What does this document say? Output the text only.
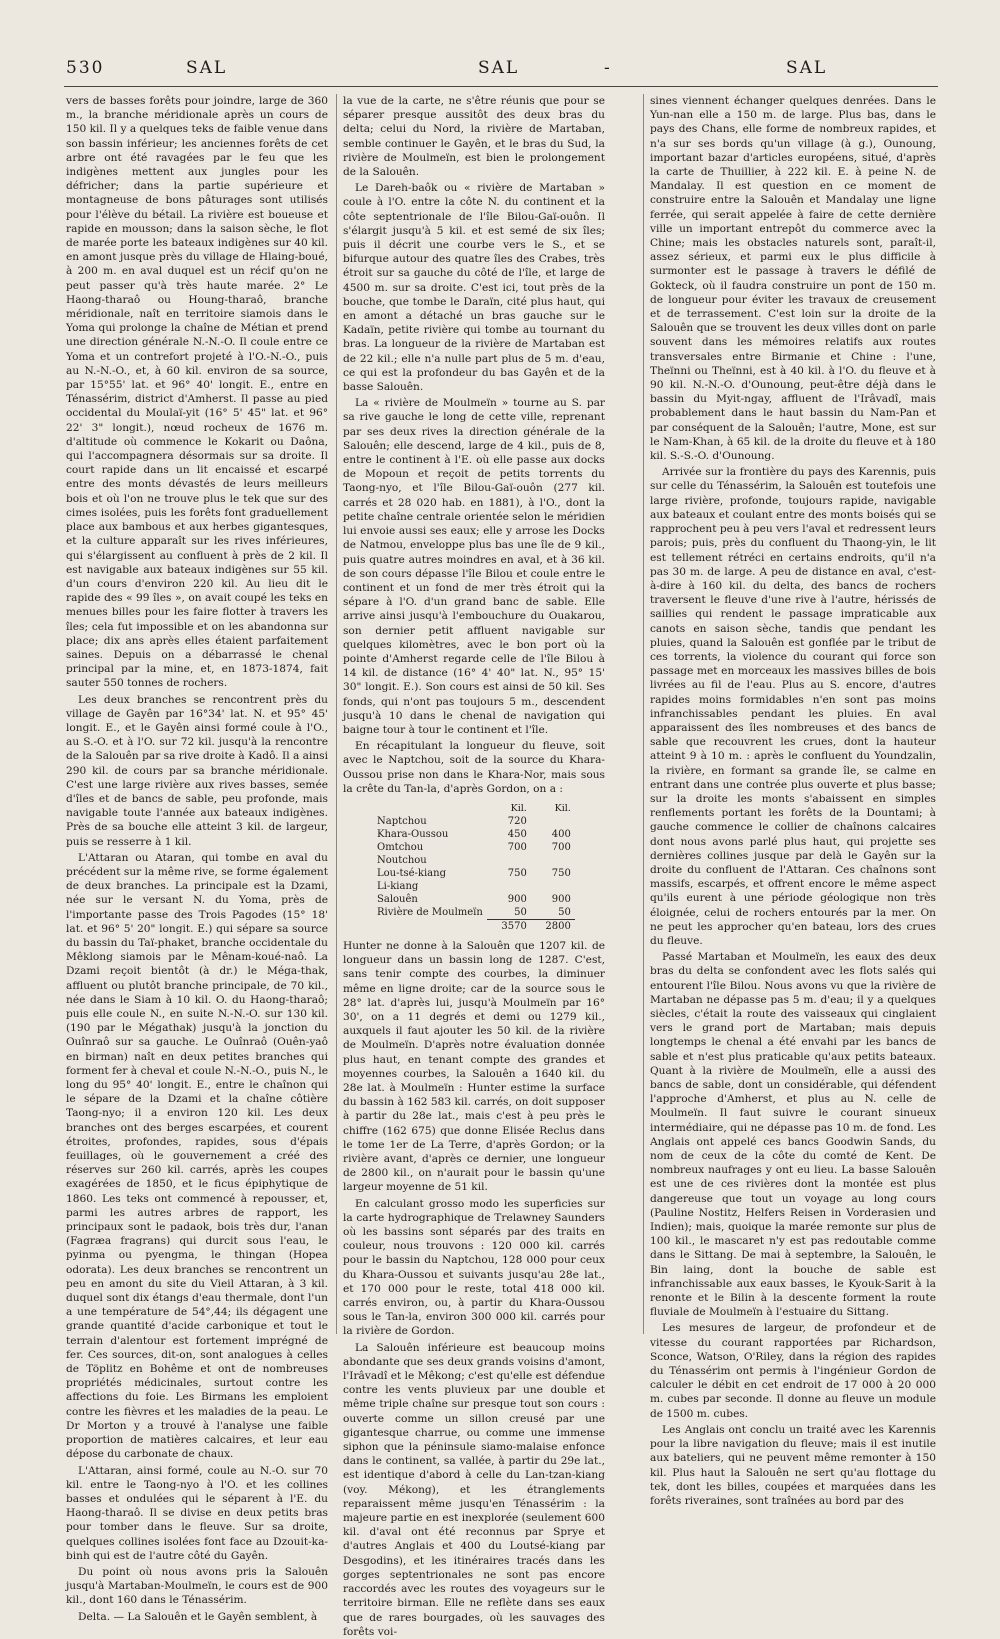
530	SAL	SAL	-	SAL

vers de basses forêts pour joindre, large de 360 m., la branche méridionale après un cours de 150 kil. Il y a quelques teks de faible venue dans son bassin inférieur; les anciennes forêts de cet arbre ont été ravagées par le feu que les indigènes mettent aux jungles pour les défricher; dans la partie supérieure et montagneuse de bons pâturages sont utilisés pour l'élève du bétail. La rivière est boueuse et rapide en mousson; dans la saison sèche, le flot de marée porte les bateaux indigènes sur 40 kil. en amont jusque près du village de Hlaing-boué, à 200 m. en aval duquel est un récif qu'on ne peut passer qu'à très haute marée. 2° Le Haong-tharaô ou Houng-tharaô, branche méridionale, naît en territoire siamois dans le Yoma qui prolonge la chaîne de Métian et prend une direction générale N.-N.-O. Il coule entre ce Yoma et un contrefort projeté à l'O.-N.-O., puis au N.-N.-O., et, à 60 kil. environ de sa source, par 15°55' lat. et 96° 40' longit. E., entre en Ténassérim, district d'Amherst. Il passe au pied occidental du Moulaï-yit (16° 5' 45" lat. et 96° 22' 3" longit.), nœud rocheux de 1676 m. d'altitude où commence le Kokarit ou Daôna, qui l'accompagnera désormais sur sa droite. Il court rapide dans un lit encaissé et escarpé entre des monts dévastés de leurs meilleurs bois et où l'on ne trouve plus le tek que sur des cimes isolées, puis les forêts font graduellement place aux bambous et aux herbes gigantesques, et la culture apparaît sur les rives inférieures, qui s'élargissent au confluent à près de 2 kil. Il est navigable aux bateaux indigènes sur 55 kil. d'un cours d'environ 220 kil. Au lieu dit le rapide des « 99 îles », on avait coupé les teks en menues billes pour les faire flotter à travers les îles; cela fut impossible et on les abandonna sur place; dix ans après elles étaient parfaitement saines. Depuis on a débarrassé le chenal principal par la mine, et, en 1873-1874, fait sauter 550 tonnes de rochers.

Les deux branches se rencontrent près du village de Gayên par 16°34' lat. N. et 95° 45' longit. E., et le Gayên ainsi formé coule à l'O., au S.-O. et à l'O. sur 72 kil. jusqu'à la rencontre de la Salouên par sa rive droite à Kadô. Il a ainsi 290 kil. de cours par sa branche méridionale. C'est une large rivière aux rives basses, semée d'îles et de bancs de sable, peu profonde, mais navigable toute l'année aux bateaux indigènes. Près de sa bouche elle atteint 3 kil. de largeur, puis se resserre à 1 kil.

L'Attaran ou Ataran, qui tombe en aval du précédent sur la même rive, se forme également de deux branches. La principale est la Dzami, née sur le versant N. du Yoma, près de l'importante passe des Trois Pagodes (15° 18' lat. et 96° 5' 20" longit. E.) qui sépare sa source du bassin du Taï-phaket, branche occidentale du Mêklong siamois par le Mênam-koué-naô. La Dzami reçoit bientôt (à dr.) le Méga-thak, affluent ou plutôt branche principale, de 70 kil., née dans le Siam à 10 kil. O. du Haong-tharaô; puis elle coule N., en suite N.-N.-O. sur 130 kil. (190 par le Mégathak) jusqu'à la jonction du Ouînraô sur sa gauche. Le Ouînraô (Ouên-yaô en birman) naît en deux petites branches qui forment fer à cheval et coule N.-N.-O., puis N., le long du 95° 40' longit. E., entre le chaînon qui le sépare de la Dzami et la chaîne côtière Taong-nyo; il a environ 120 kil. Les deux branches ont des berges escarpées, et courent étroites, profondes, rapides, sous d'épais feuillages, où le gouvernement a créé des réserves sur 260 kil. carrés, après les coupes exagérées de 1850, et le ficus épiphytique de 1860. Les teks ont commencé à repousser, et, parmi les autres arbres de rapport, les principaux sont le padaok, bois très dur, l'anan (Fagræa fragrans) qui durcit sous l'eau, le pyinma ou pyengma, le thingan (Hopea odorata). Les deux branches se rencontrent un peu en amont du site du Vieil Attaran, à 3 kil. duquel sont dix étangs d'eau thermale, dont l'un a une température de 54°,44; ils dégagent une grande quantité d'acide carbonique et tout le terrain d'alentour est fortement imprégné de fer. Ces sources, dit-on, sont analogues à celles de Töplitz en Bohême et ont de nombreuses propriétés médicinales, surtout contre les affections du foie. Les Birmans les emploient contre les fièvres et les maladies de la peau. Le Dr Morton y a trouvé à l'analyse une faible proportion de matières calcaires, et leur eau dépose du carbonate de chaux.

L'Attaran, ainsi formé, coule au N.-O. sur 70 kil. entre le Taong-nyo à l'O. et les collines basses et ondulées qui le séparent à l'E. du Haong-tharaô. Il se divise en deux petits bras pour tomber dans le fleuve. Sur sa droite, quelques collines isolées font face au Dzouit-ka-binh qui est de l'autre côté du Gayên.

Du point où nous avons pris la Salouên jusqu'à Martaban-Moulmeïn, le cours est de 900 kil., dont 160 dans le Ténassérim.

Delta. — La Salouên et le Gayên semblent, à

la vue de la carte, ne s'être réunis que pour se séparer presque aussitôt des deux bras du delta; celui du Nord, la rivière de Martaban, semble continuer le Gayên, et le bras du Sud, la rivière de Moulmeïn, est bien le prolongement de la Salouên.

Le Dareh-baôk ou « rivière de Martaban » coule à l'O. entre la côte N. du continent et la côte septentrionale de l'île Bilou-Gaï-ouôn. Il s'élargit jusqu'à 5 kil. et est semé de six îles; puis il décrit une courbe vers le S., et se bifurque autour des quatre îles des Crabes, très étroit sur sa gauche du côté de l'île, et large de 4500 m. sur sa droite. C'est ici, tout près de la bouche, que tombe le Daraïn, cité plus haut, qui en amont a détaché un bras gauche sur le Kadaïn, petite rivière qui tombe au tournant du bras. La longueur de la rivière de Martaban est de 22 kil.; elle n'a nulle part plus de 5 m. d'eau, ce qui est la profondeur du bas Gayên et de la basse Salouên.

La « rivière de Moulmeïn » tourne au S. par sa rive gauche le long de cette ville, reprenant par ses deux rives la direction générale de la Salouên; elle descend, large de 4 kil., puis de 8, entre le continent à l'E. où elle passe aux docks de Mopoun et reçoit de petits torrents du Taong-nyo, et l'île Bilou-Gaï-ouôn (277 kil. carrés et 28 020 hab. en 1881), à l'O., dont la petite chaîne centrale orientée selon le méridien lui envoie aussi ses eaux; elle y arrose les Docks de Natmou, enveloppe plus bas une île de 9 kil., puis quatre autres moindres en aval, et à 36 kil. de son cours dépasse l'île Bilou et coule entre le continent et un fond de mer très étroit qui la sépare à l'O. d'un grand banc de sable. Elle arrive ainsi jusqu'à l'embouchure du Ouakarou, son dernier petit affluent navigable sur quelques kilomètres, avec le bon port où la pointe d'Amherst regarde celle de l'île Bilou à 14 kil. de distance (16° 4' 40" lat. N., 95° 15' 30" longit. E.). Son cours est ainsi de 50 kil. Ses fonds, qui n'ont pas toujours 5 m., descendent jusqu'à 10 dans le chenal de navigation qui baigne tour à tour le continent et l'île.

En récapitulant la longueur du fleuve, soit avec le Naptchou, soit de la source du Khara-Oussou prise non dans le Khara-Nor, mais sous la crête du Tan-la, d'après Gordon, on a :

	Kil.	Kil.
Naptchou	720	
Khara-Oussou	450	400
Omtchou	700	700
Noutchou		
Lou-tsé-kiang	750	750
Li-kiang		
Salouên	900	900
Rivière de Moulmeïn	50	50
	3570	2800

Hunter ne donne à la Salouên que 1207 kil. de longueur dans un bassin long de 1287. C'est, sans tenir compte des courbes, la diminuer même en ligne droite; car de la source sous le 28° lat. d'après lui, jusqu'à Moulmeïn par 16° 30', on a 11 degrés et demi ou 1279 kil., auxquels il faut ajouter les 50 kil. de la rivière de Moulmeïn. D'après notre évaluation donnée plus haut, en tenant compte des grandes et moyennes courbes, la Salouên a 1640 kil. du 28e lat. à Moulmeïn : Hunter estime la surface du bassin à 162 583 kil. carrés, on doit supposer à partir du 28e lat., mais c'est à peu près le chiffre (162 675) que donne Elisée Reclus dans le tome 1er de La Terre, d'après Gordon; or la rivière avant, d'après ce dernier, une longueur de 2800 kil., on n'aurait pour le bassin qu'une largeur moyenne de 51 kil.

En calculant grosso modo les superficies sur la carte hydrographique de Trelawney Saunders où les bassins sont séparés par des traits en couleur, nous trouvons : 120 000 kil. carrés pour le bassin du Naptchou, 128 000 pour ceux du Khara-Oussou et suivants jusqu'au 28e lat., et 170 000 pour le reste, total 418 000 kil. carrés environ, ou, à partir du Khara-Oussou sous le Tan-la, environ 300 000 kil. carrés pour la rivière de Gordon.

La Salouên inférieure est beaucoup moins abondante que ses deux grands voisins d'amont, l'Irâvadî et le Mêkong; c'est qu'elle est défendue contre les vents pluvieux par une double et même triple chaîne sur presque tout son cours : ouverte comme un sillon creusé par une gigantesque charrue, ou comme une immense siphon que la péninsule siamo-malaise enfonce dans le continent, sa vallée, à partir du 29e lat., est identique d'abord à celle du Lan-tzan-kiang (voy. Mékong), et les étranglements reparaissent même jusqu'en Ténassérim : la majeure partie en est inexplorée (seulement 600 kil. d'aval ont été reconnus par Sprye et d'autres Anglais et 400 du Loutsé-kiang par Desgodins), et les itinéraires tracés dans les gorges septentrionales ne sont pas encore raccordés avec les routes des voyageurs sur le territoire birman. Elle ne reflète dans ses eaux que de rares bourgades, où les sauvages des forêts voi-

sines viennent échanger quelques denrées. Dans le Yun-nan elle a 150 m. de large. Plus bas, dans le pays des Chans, elle forme de nombreux rapides, et n'a sur ses bords qu'un village (à g.), Ounoung, important bazar d'articles européens, situé, d'après la carte de Thuillier, à 222 kil. E. à peine N. de Mandalay. Il est question en ce moment de construire entre la Salouên et Mandalay une ligne ferrée, qui serait appelée à faire de cette dernière ville un important entrepôt du commerce avec la Chine; mais les obstacles naturels sont, paraît-il, assez sérieux, et parmi eux le plus difficile à surmonter est le passage à travers le défilé de Gokteck, où il faudra construire un pont de 150 m. de longueur pour éviter les travaux de creusement et de terrassement. C'est loin sur la droite de la Salouên que se trouvent les deux villes dont on parle souvent dans les mémoires relatifs aux routes transversales entre Birmanie et Chine : l'une, Theïnni ou Theïnni, est à 40 kil. à l'O. du fleuve et à 90 kil. N.-N.-O. d'Ounoung, peut-être déjà dans le bassin du Myit-ngay, affluent de l'Irâvadî, mais probablement dans le haut bassin du Nam-Pan et par conséquent de la Salouên; l'autre, Mone, est sur le Nam-Khan, à 65 kil. de la droite du fleuve et à 180 kil. S.-S.-O. d'Ounoung.

Arrivée sur la frontière du pays des Karennis, puis sur celle du Ténassérim, la Salouên est toutefois une large rivière, profonde, toujours rapide, navigable aux bateaux et coulant entre des monts boisés qui se rapprochent peu à peu vers l'aval et redressent leurs parois; puis, près du confluent du Thaong-yin, le lit est tellement rétréci en certains endroits, qu'il n'a pas 30 m. de large. A peu de distance en aval, c'est-à-dire à 160 kil. du delta, des bancs de rochers traversent le fleuve d'une rive à l'autre, hérissés de saillies qui rendent le passage impraticable aux canots en saison sèche, tandis que pendant les pluies, quand la Salouên est gonflée par le tribut de ces torrents, la violence du courant qui force son passage met en morceaux les massives billes de bois livrées au fil de l'eau. Plus au S. encore, d'autres rapides moins formidables n'en sont pas moins infranchissables pendant les pluies. En aval apparaissent des îles nombreuses et des bancs de sable que recouvrent les crues, dont la hauteur atteint 9 à 10 m. : après le confluent du Youndzalin, la rivière, en formant sa grande île, se calme en entrant dans une contrée plus ouverte et plus basse; sur la droite les monts s'abaissent en simples renflements portant les forêts de la Dountami; à gauche commence le collier de chaînons calcaires dont nous avons parlé plus haut, qui projette ses dernières collines jusque par delà le Gayên sur la droite du confluent de l'Attaran. Ces chaînons sont massifs, escarpés, et offrent encore le même aspect qu'ils eurent à une période géologique non très éloignée, celui de rochers entourés par la mer. On ne peut les approcher qu'en bateau, lors des crues du fleuve.

Passé Martaban et Moulmeïn, les eaux des deux bras du delta se confondent avec les flots salés qui entourent l'île Bilou. Nous avons vu que la rivière de Martaban ne dépasse pas 5 m. d'eau; il y a quelques siècles, c'était la route des vaisseaux qui cinglaient vers le grand port de Martaban; mais depuis longtemps le chenal a été envahi par les bancs de sable et n'est plus praticable qu'aux petits bateaux. Quant à la rivière de Moulmeïn, elle a aussi des bancs de sable, dont un considérable, qui défendent l'approche d'Amherst, et plus au N. celle de Moulmeïn. Il faut suivre le courant sinueux intermédiaire, qui ne dépasse pas 10 m. de fond. Les Anglais ont appelé ces bancs Goodwin Sands, du nom de ceux de la côte du comté de Kent. De nombreux naufrages y ont eu lieu. La basse Salouên est une de ces rivières dont la montée est plus dangereuse que tout un voyage au long cours (Pauline Nostitz, Helfers Reisen in Vorderasien und Indien); mais, quoique la marée remonte sur plus de 100 kil., le mascaret n'y est pas redoutable comme dans le Sittang. De mai à septembre, la Salouên, le Bin laing, dont la bouche de sable est infranchissable aux eaux basses, le Kyouk-Sarit à la renonte et le Bilin à la descente forment la route fluviale de Moulmeïn à l'estuaire du Sittang.

Les mesures de largeur, de profondeur et de vitesse du courant rapportées par Richardson, Sconce, Watson, O'Riley, dans la région des rapides du Ténassérim ont permis à l'ingénieur Gordon de calculer le débit en cet endroit de 17 000 à 20 000 m. cubes par seconde. Il donne au fleuve un module de 1500 m. cubes.

Les Anglais ont conclu un traité avec les Karennis pour la libre navigation du fleuve; mais il est inutile aux bateliers, qui ne peuvent même remonter à 150 kil. Plus haut la Salouên ne sert qu'au flottage du tek, dont les billes, coupées et marquées dans les forêts riveraines, sont traînées au bord par des
